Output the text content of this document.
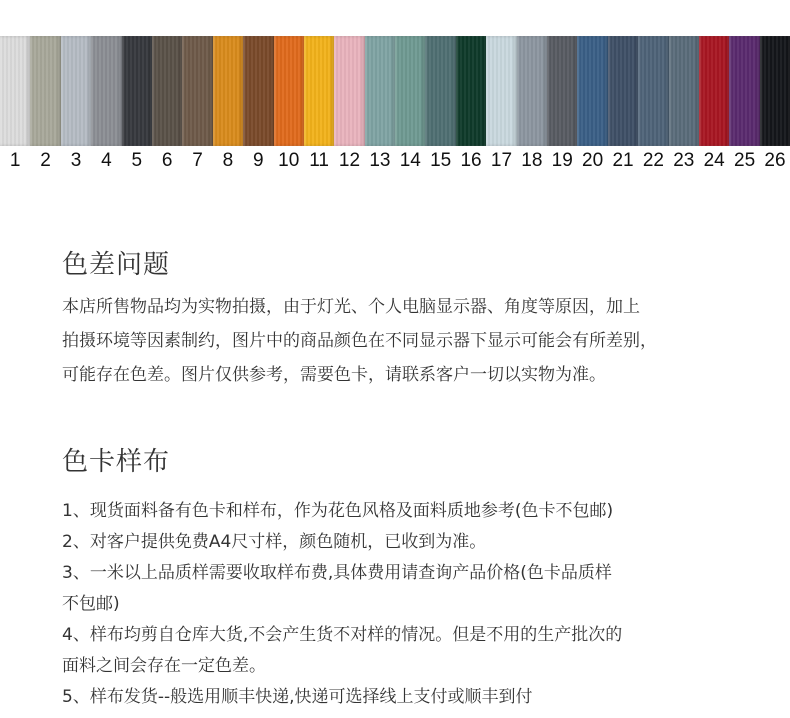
1	2	3	4	5	6	7	8	9 10 11 12 13 14 15 16 17 18 19 20 21 22 23 24 25 26
色差问题

本店所售物品均为实物拍摄，由于灯光、个人电脑显示器、角度等原因，加上
拍摄环境等因素制约，图片中的商品颜色在不同显示器下显示可能会有所差别，
可能存在色差。图片仅供参考，需要色卡，请联系客户一切以实物为准。

色卡样布
1、现货面料备有色卡和样布，作为花色风格及面料质地参考(色卡不包邮)
2、对客户提供免费A4尺寸样，颜色随机，已收到为准。
3、一米以上品质样需要收取样布费,具体费用请查询产品价格(色卡品质样
不包邮)
4、样布均剪自仓库大货,不会产生货不对样的情况。但是不用的生产批次的
面料之间会存在一定色差。
5、样布发货--般选用顺丰快递,快递可选择线上支付或顺丰到付
